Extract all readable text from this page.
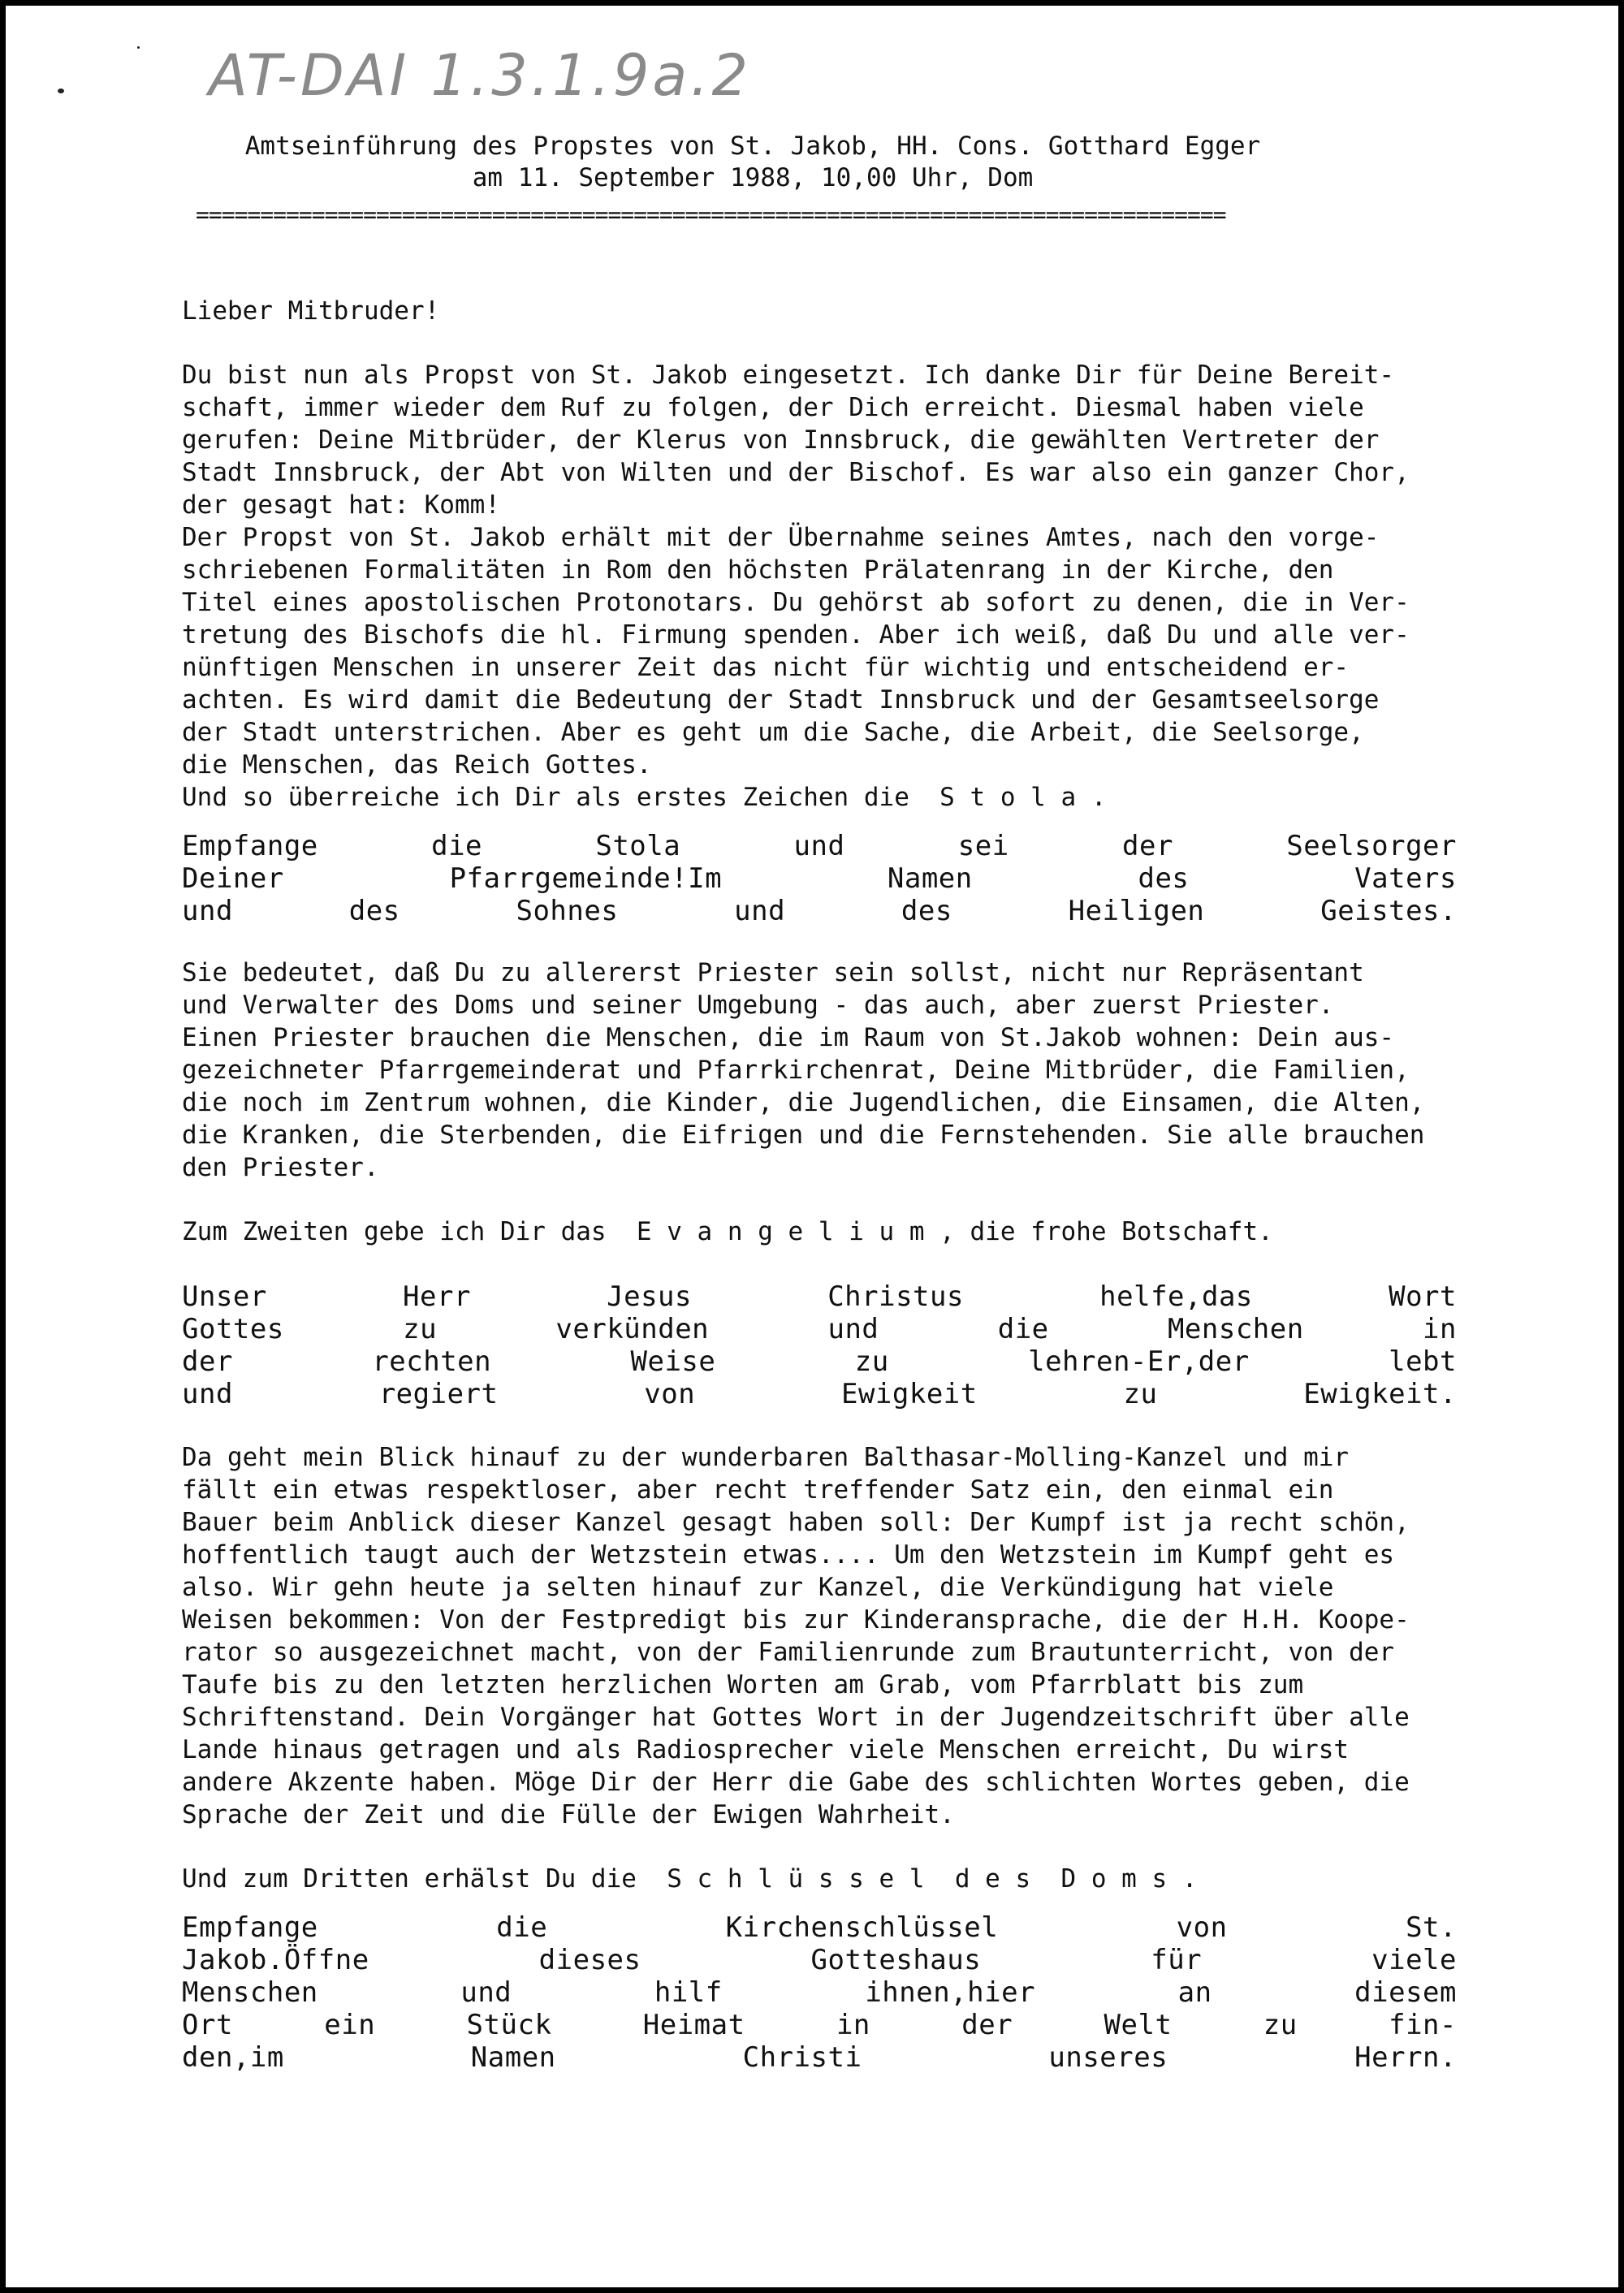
AT-DAI 1.3.1.9a.2
Amtseinführung des Propstes von St. Jakob, HH. Cons. Gotthard Egger
am 11. September 1988, 10,00 Uhr, Dom
================================================================================
Lieber Mitbruder!
Du bist nun als Propst von St. Jakob eingesetzt. Ich danke Dir für Deine Bereit-
schaft, immer wieder dem Ruf zu folgen, der Dich erreicht. Diesmal haben viele
gerufen: Deine Mitbrüder, der Klerus von Innsbruck, die gewählten Vertreter der
Stadt Innsbruck, der Abt von Wilten und der Bischof. Es war also ein ganzer Chor,
der gesagt hat: Komm!
Der Propst von St. Jakob erhält mit der Übernahme seines Amtes, nach den vorge-
schriebenen Formalitäten in Rom den höchsten Prälatenrang in der Kirche, den
Titel eines apostolischen Protonotars. Du gehörst ab sofort zu denen, die in Ver-
tretung des Bischofs die hl. Firmung spenden. Aber ich weiß, daß Du und alle ver-
nünftigen Menschen in unserer Zeit das nicht für wichtig und entscheidend er-
achten. Es wird damit die Bedeutung der Stadt Innsbruck und der Gesamtseelsorge
der Stadt unterstrichen. Aber es geht um die Sache, die Arbeit, die Seelsorge,
die Menschen, das Reich Gottes.
Und so überreiche ich Dir als erstes Zeichen die  S t o l a .
Empfange die Stola und sei der Seelsorger
Deiner Pfarrgemeinde!Im Namen des Vaters
und des Sohnes und des Heiligen Geistes.
Sie bedeutet, daß Du zu allererst Priester sein sollst, nicht nur Repräsentant
und Verwalter des Doms und seiner Umgebung - das auch, aber zuerst Priester.
Einen Priester brauchen die Menschen, die im Raum von St.Jakob wohnen: Dein aus-
gezeichneter Pfarrgemeinderat und Pfarrkirchenrat, Deine Mitbrüder, die Familien,
die noch im Zentrum wohnen, die Kinder, die Jugendlichen, die Einsamen, die Alten,
die Kranken, die Sterbenden, die Eifrigen und die Fernstehenden. Sie alle brauchen
den Priester.
Zum Zweiten gebe ich Dir das  E v a n g e l i u m , die frohe Botschaft.
Unser Herr Jesus Christus helfe,das Wort
Gottes zu verkünden und die Menschen in
der rechten Weise zu lehren-Er,der lebt
und regiert von Ewigkeit zu Ewigkeit.
Da geht mein Blick hinauf zu der wunderbaren Balthasar-Molling-Kanzel und mir
fällt ein etwas respektloser, aber recht treffender Satz ein, den einmal ein
Bauer beim Anblick dieser Kanzel gesagt haben soll: Der Kumpf ist ja recht schön,
hoffentlich taugt auch der Wetzstein etwas.... Um den Wetzstein im Kumpf geht es
also. Wir gehn heute ja selten hinauf zur Kanzel, die Verkündigung hat viele
Weisen bekommen: Von der Festpredigt bis zur Kinderansprache, die der H.H. Koope-
rator so ausgezeichnet macht, von der Familienrunde zum Brautunterricht, von der
Taufe bis zu den letzten herzlichen Worten am Grab, vom Pfarrblatt bis zum
Schriftenstand. Dein Vorgänger hat Gottes Wort in der Jugendzeitschrift über alle
Lande hinaus getragen und als Radiosprecher viele Menschen erreicht, Du wirst
andere Akzente haben. Möge Dir der Herr die Gabe des schlichten Wortes geben, die
Sprache der Zeit und die Fülle der Ewigen Wahrheit.
Und zum Dritten erhälst Du die  S c h l ü s s e l  d e s  D o m s .
Empfange die Kirchenschlüssel von St.
Jakob.Öffne dieses Gotteshaus für viele
Menschen und hilf ihnen,hier an diesem
Ort ein Stück Heimat in der Welt zu fin-
den,im Namen Christi unseres Herrn.
